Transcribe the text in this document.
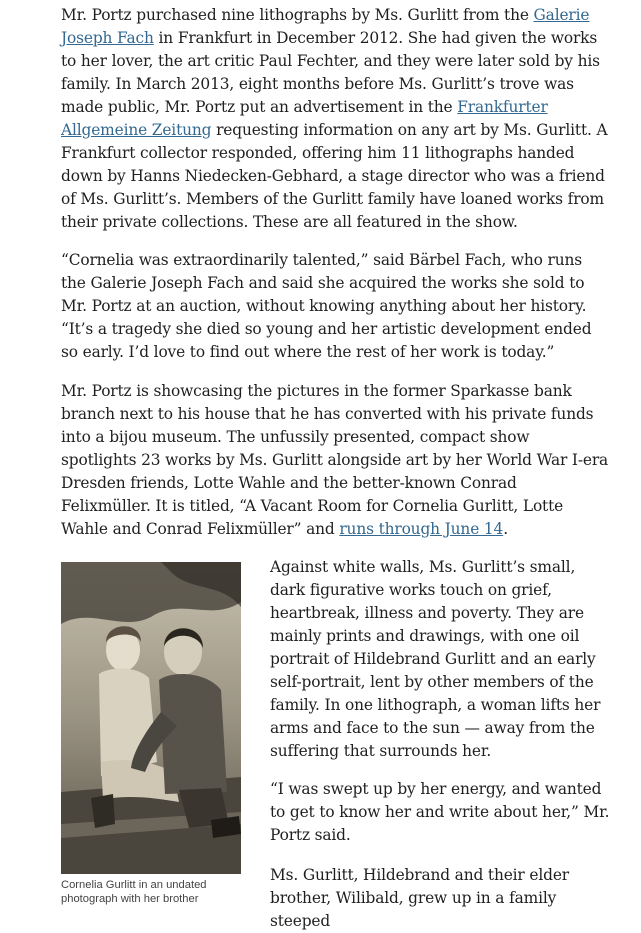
Mr. Portz purchased nine lithographs by Ms. Gurlitt from the Galerie Joseph Fach in Frankfurt in December 2012. She had given the works to her lover, the art critic Paul Fechter, and they were later sold by his family. In March 2013, eight months before Ms. Gurlitt’s trove was made public, Mr. Portz put an advertisement in the Frankfurter Allgemeine Zeitung requesting information on any art by Ms. Gurlitt. A Frankfurt collector responded, offering him 11 lithographs handed down by Hanns Niedecken-Gebhard, a stage director who was a friend of Ms. Gurlitt’s. Members of the Gurlitt family have loaned works from their private collections. These are all featured in the show.

“Cornelia was extraordinarily talented,” said Bärbel Fach, who runs the Galerie Joseph Fach and said she acquired the works she sold to Mr. Portz at an auction, without knowing anything about her history. “It’s a tragedy she died so young and her artistic development ended so early. I’d love to find out where the rest of her work is today.”

Mr. Portz is showcasing the pictures in the former Sparkasse bank branch next to his house that he has converted with his private funds into a bijou museum. The unfussily presented, compact show spotlights 23 works by Ms. Gurlitt alongside art by her World War I-era Dresden friends, Lotte Wahle and the better-known Conrad Felixmüller. It is titled, “A Vacant Room for Cornelia Gurlitt, Lotte Wahle and Conrad Felixmüller” and runs through June 14.

Cornelia Gurlitt in an undated photograph with her brother

Against white walls, Ms. Gurlitt’s small, dark figurative works touch on grief, heartbreak, illness and poverty. They are mainly prints and drawings, with one oil portrait of Hildebrand Gurlitt and an early self-portrait, lent by other members of the family. In one lithograph, a woman lifts her arms and face to the sun — away from the suffering that surrounds her.

“I was swept up by her energy, and wanted to get to know her and write about her,” Mr. Portz said.

Ms. Gurlitt, Hildebrand and their elder brother, Wilibald, grew up in a family steeped
